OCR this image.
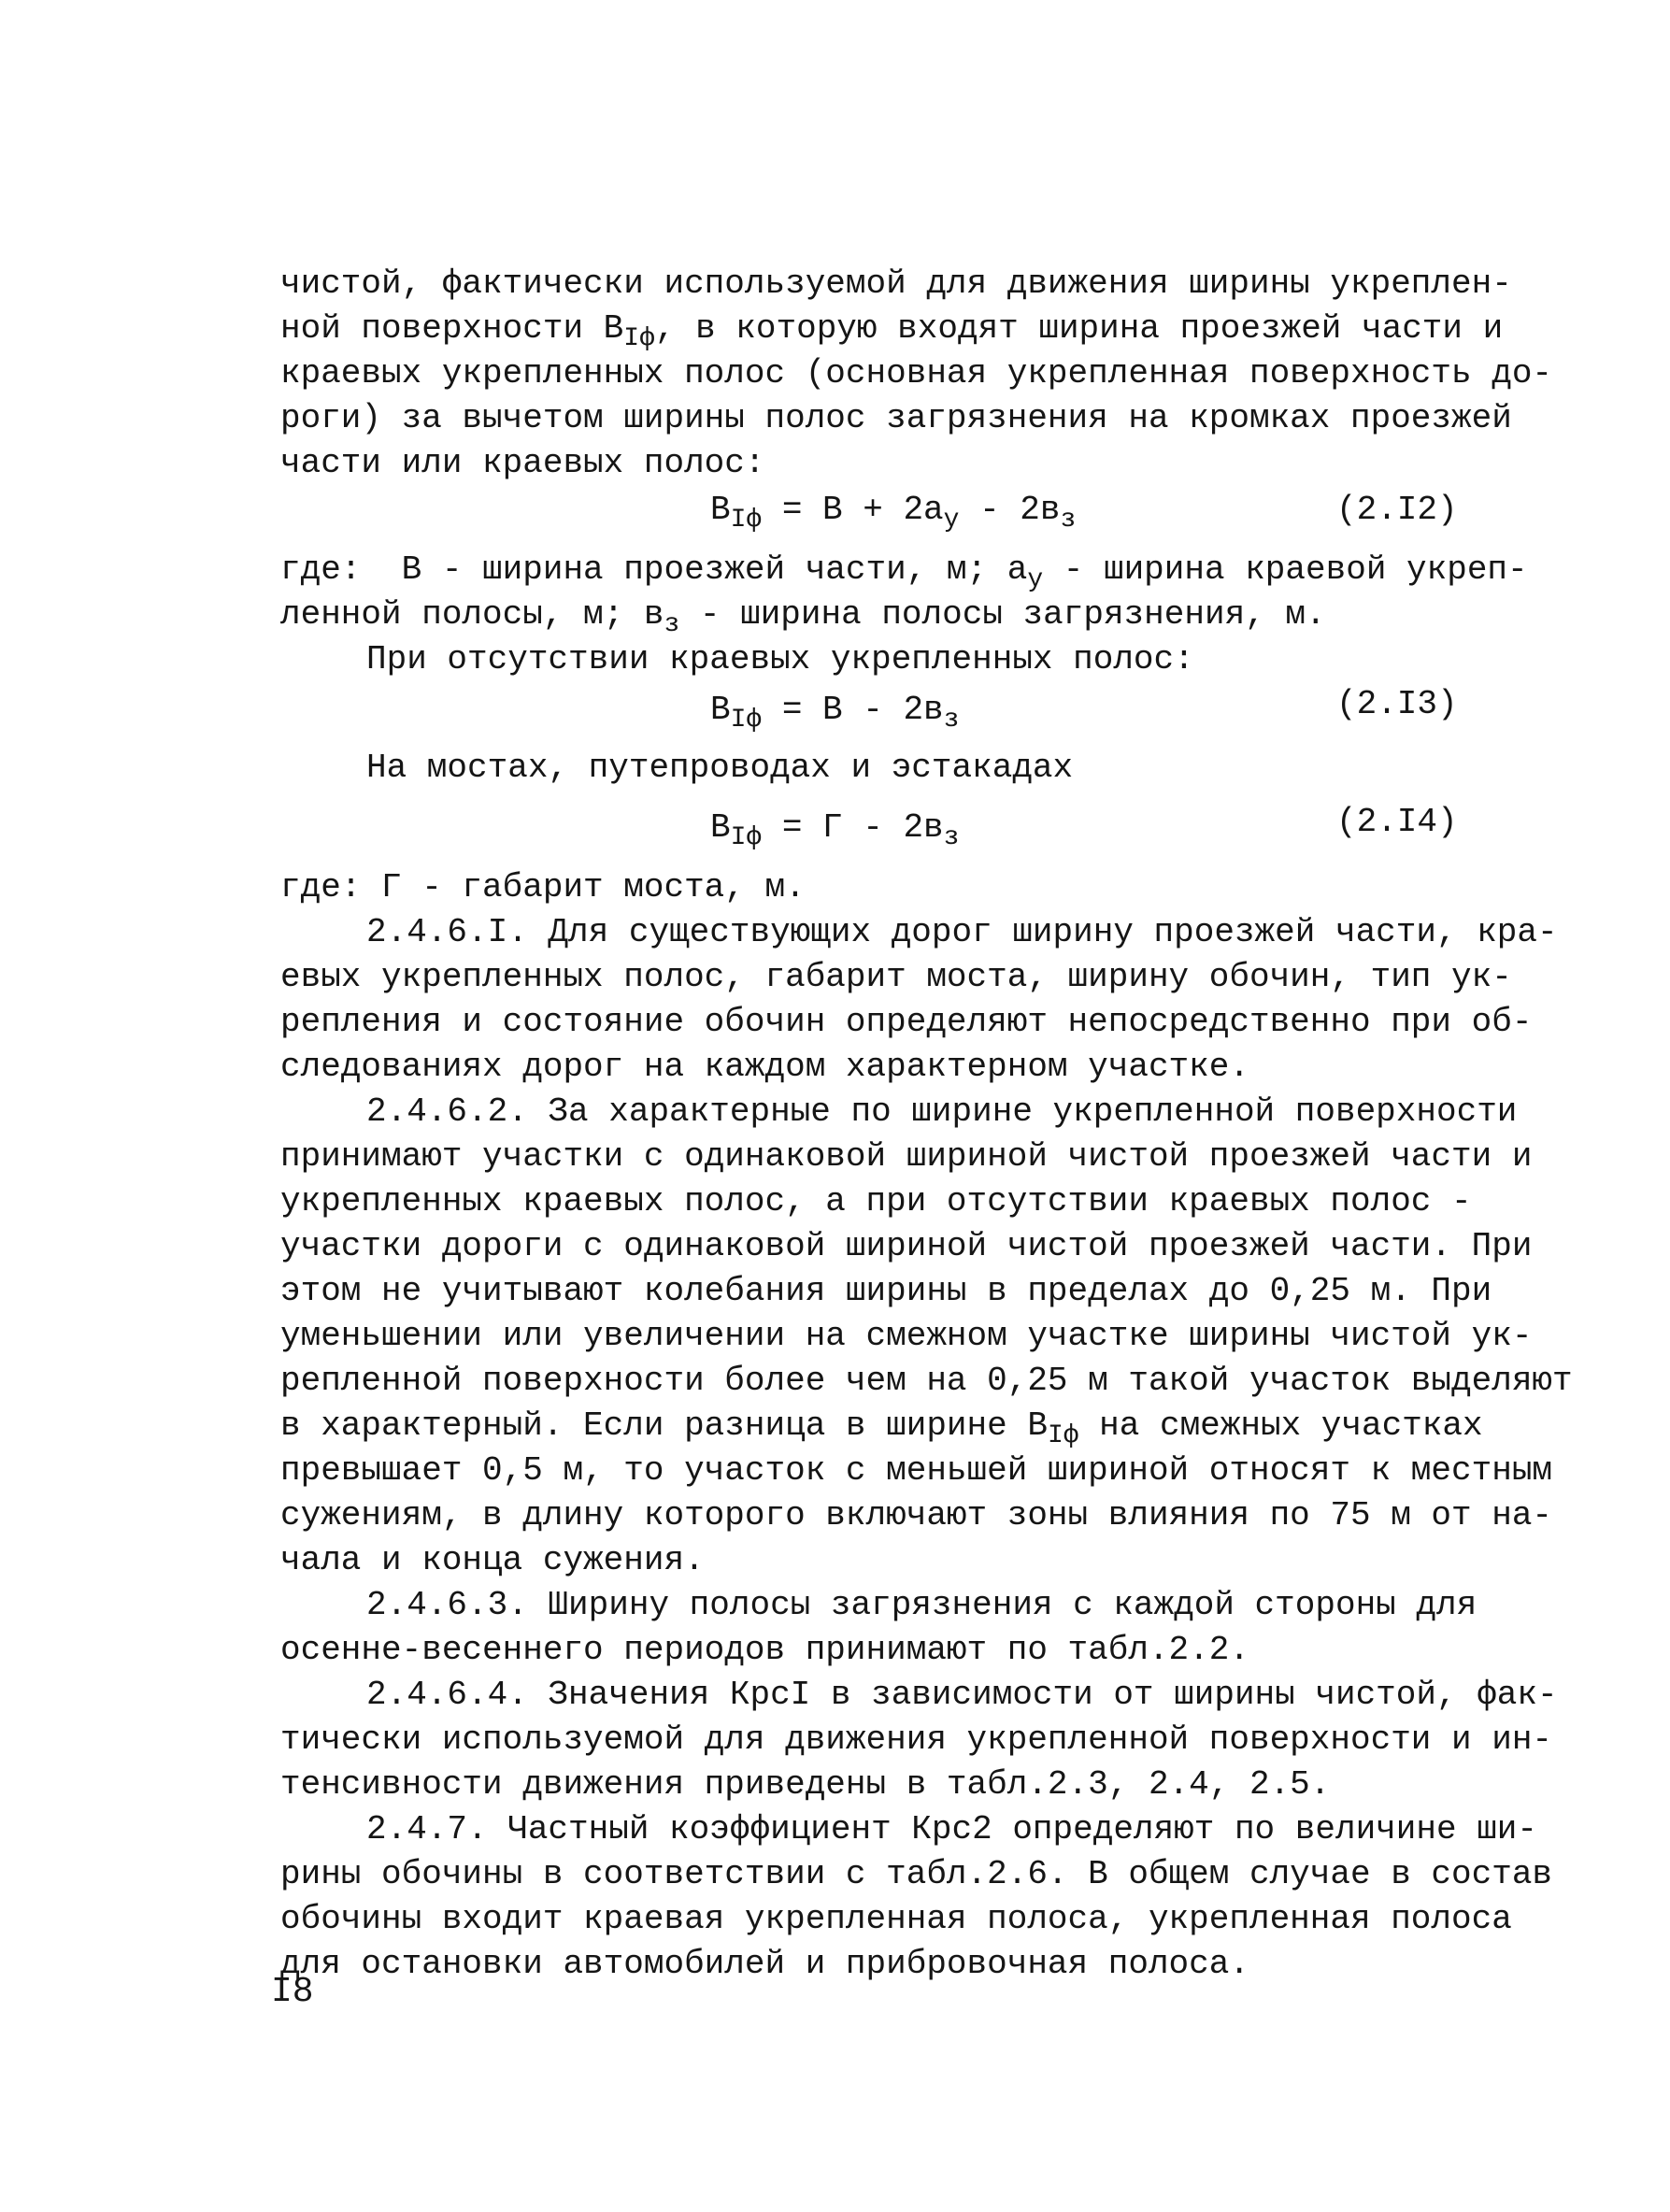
чистой, фактически используемой для движения ширины укреплен-
ной поверхности $В_{Iф}$, в которую входят ширина проезжей части и
краевых укрепленных полос (основная укрепленная поверхность до-
роги) за вычетом ширины полос загрязнения на кромках проезжей
части или краевых полос:
$В_{Iф} = В + 2а_у - 2в_з$	(2.I2)
где:  В - ширина проезжей части, м; $а_у$ - ширина краевой укреп-
ленной полосы, м; $в_з$ - ширина полосы загрязнения, м.
При отсутствии краевых укрепленных полос:
$В_{Iф} = В - 2в_з$	(2.I3)
На мостах, путепроводах и эстакадах
$В_{Iф} = Г - 2в_з$	(2.I4)
где: Г - габарит моста, м.
2.4.6.I. Для существующих дорог ширину проезжей части, кра-
евых укрепленных полос, габарит моста, ширину обочин, тип ук-
репления и состояние обочин определяют непосредственно при об-
следованиях дорог на каждом характерном участке.
2.4.6.2. За характерные по ширине укрепленной поверхности
принимают участки с одинаковой шириной чистой проезжей части и
укрепленных краевых полос, а при отсутствии краевых полос -
участки дороги с одинаковой шириной чистой проезжей части. При
этом не учитывают колебания ширины в пределах до 0,25 м. При
уменьшении или увеличении на смежном участке ширины чистой ук-
репленной поверхности более чем на 0,25 м такой участок выделяют
в характерный. Если разница в ширине $В_{Iф}$ на смежных участках
превышает 0,5 м, то участок с меньшей шириной относят к местным
сужениям, в длину которого включают зоны влияния по 75 м от на-
чала и конца сужения.
2.4.6.3. Ширину полосы загрязнения с каждой стороны для
осенне-весеннего периодов принимают по табл.2.2.
2.4.6.4. Значения КрсI в зависимости от ширины чистой, фак-
тически используемой для движения укрепленной поверхности и ин-
тенсивности движения приведены в табл.2.3, 2.4, 2.5.
2.4.7. Частный коэффициент Крс2 определяют по величине ши-
рины обочины в соответствии с табл.2.6. В общем случае в состав
обочины входит краевая укрепленная полоса, укрепленная полоса
для остановки автомобилей и прибровочная полоса.
I8
